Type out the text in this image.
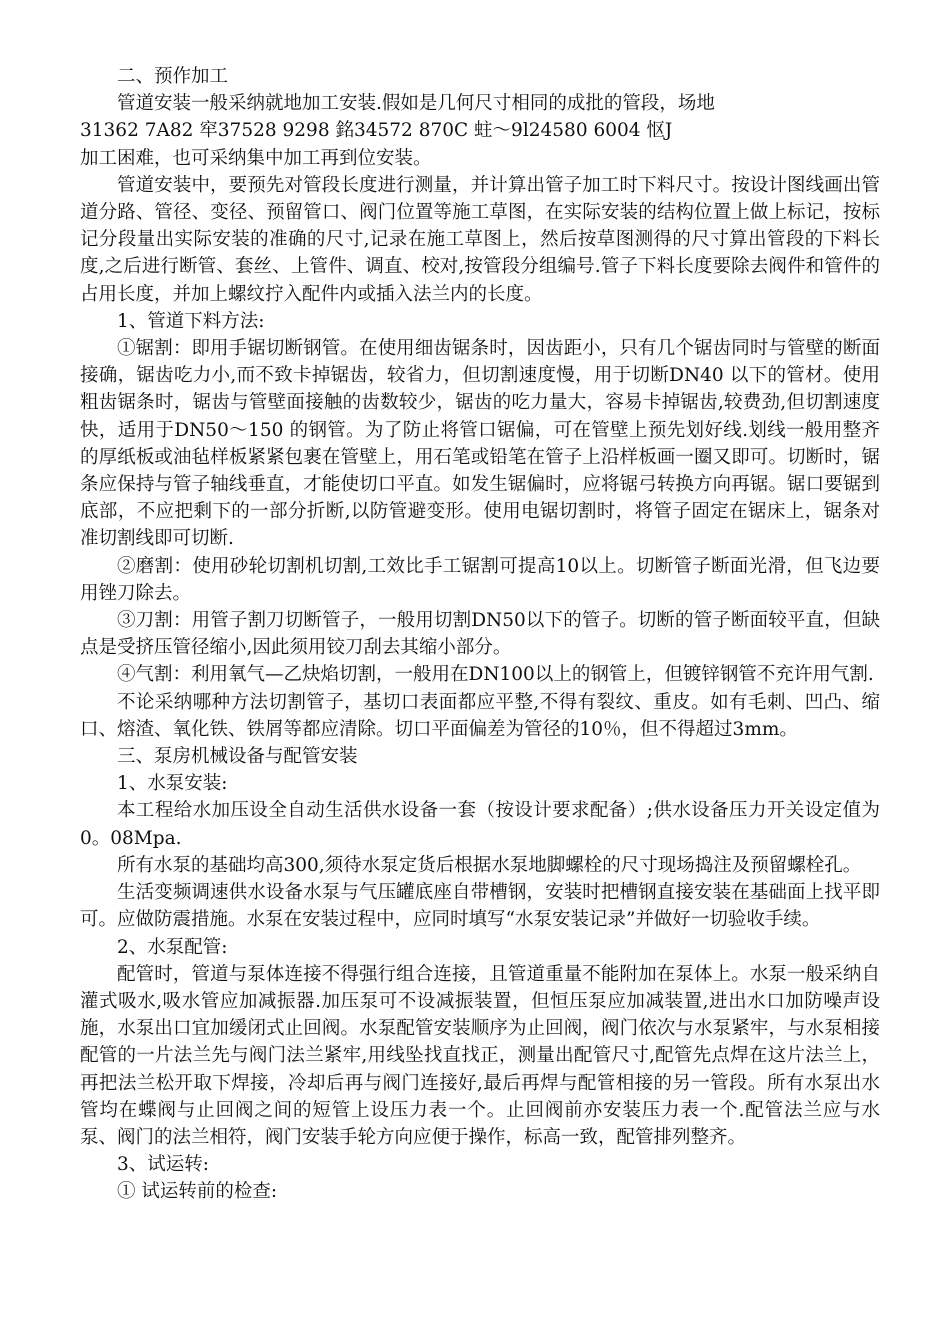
二、预作加工

管道安装一般采纳就地加工安装.假如是几何尺寸相同的成批的管段，场地

31362 7A82 窂37528 9298 銘34572 870C 蛀～9l24580 6004 怄J

加工困难，也可采纳集中加工再到位安装。

管道安装中，要预先对管段长度进行测量，并计算出管子加工时下料尺寸。按设计图线画出管道分路、管径、变径、预留管口、阀门位置等施工草图，在实际安装的结构位置上做上标记，按标记分段量出实际安装的准确的尺寸,记录在施工草图上，然后按草图测得的尺寸算出管段的下料长度,之后进行断管、套丝、上管件、调直、校对,按管段分组编号.管子下料长度要除去阀件和管件的占用长度，并加上螺纹拧入配件内或插入法兰内的长度。

1、管道下料方法:

①锯割：即用手锯切断钢管。在使用细齿锯条时，因齿距小，只有几个锯齿同时与管壁的断面接确，锯齿吃力小,而不致卡掉锯齿，较省力，但切割速度慢，用于切断DN40 以下的管材。使用粗齿锯条时，锯齿与管壁面接触的齿数较少，锯齿的吃力量大，容易卡掉锯齿,较费劲,但切割速度快，适用于DN50～150 的钢管。为了防止将管口锯偏，可在管壁上预先划好线.划线一般用整齐的厚纸板或油毡样板紧紧包裹在管壁上，用石笔或铅笔在管子上沿样板画一圈又即可。切断时，锯条应保持与管子轴线垂直，才能使切口平直。如发生锯偏时，应将锯弓转换方向再锯。锯口要锯到底部，不应把剩下的一部分折断,以防管避变形。使用电锯切割时，将管子固定在锯床上，锯条对准切割线即可切断.

②磨割：使用砂轮切割机切割,工效比手工锯割可提高10以上。切断管子断面光滑，但飞边要用锉刀除去。

③刀割：用管子割刀切断管子，一般用切割DN50以下的管子。切断的管子断面较平直，但缺点是受挤压管径缩小,因此须用铰刀刮去其缩小部分。

④气割：利用氧气—乙炔焰切割，一般用在DN100以上的钢管上，但镀锌钢管不充许用气割.

不论采纳哪种方法切割管子，基切口表面都应平整,不得有裂纹、重皮。如有毛刺、凹凸、缩口、熔渣、氧化铁、铁屑等都应清除。切口平面偏差为管径的10％，但不得超过3mm。

三、泵房机械设备与配管安装

1、水泵安装:

本工程给水加压设全自动生活供水设备一套（按设计要求配备）;供水设备压力开关设定值为0。08Mpa.

所有水泵的基础均高300,须待水泵定货后根据水泵地脚螺栓的尺寸现场捣注及预留螺栓孔。

生活变频调速供水设备水泵与气压罐底座自带槽钢，安装时把槽钢直接安装在基础面上找平即可。应做防震措施。水泵在安装过程中，应同时填写“水泵安装记录”并做好一切验收手续。

2、水泵配管:

配管时，管道与泵体连接不得强行组合连接，且管道重量不能附加在泵体上。水泵一般采纳自灌式吸水,吸水管应加减振器.加压泵可不设减振装置，但恒压泵应加减装置,进出水口加防噪声设施，水泵出口宜加缓闭式止回阀。水泵配管安装顺序为止回阀，阀门依次与水泵紧牢，与水泵相接配管的一片法兰先与阀门法兰紧牢,用线坠找直找正，测量出配管尺寸,配管先点焊在这片法兰上，再把法兰松开取下焊接，冷却后再与阀门连接好,最后再焊与配管相接的另一管段。所有水泵出水管均在蝶阀与止回阀之间的短管上设压力表一个。止回阀前亦安装压力表一个.配管法兰应与水泵、阀门的法兰相符，阀门安装手轮方向应便于操作，标高一致，配管排列整齐。

3、试运转:

① 试运转前的检查:
